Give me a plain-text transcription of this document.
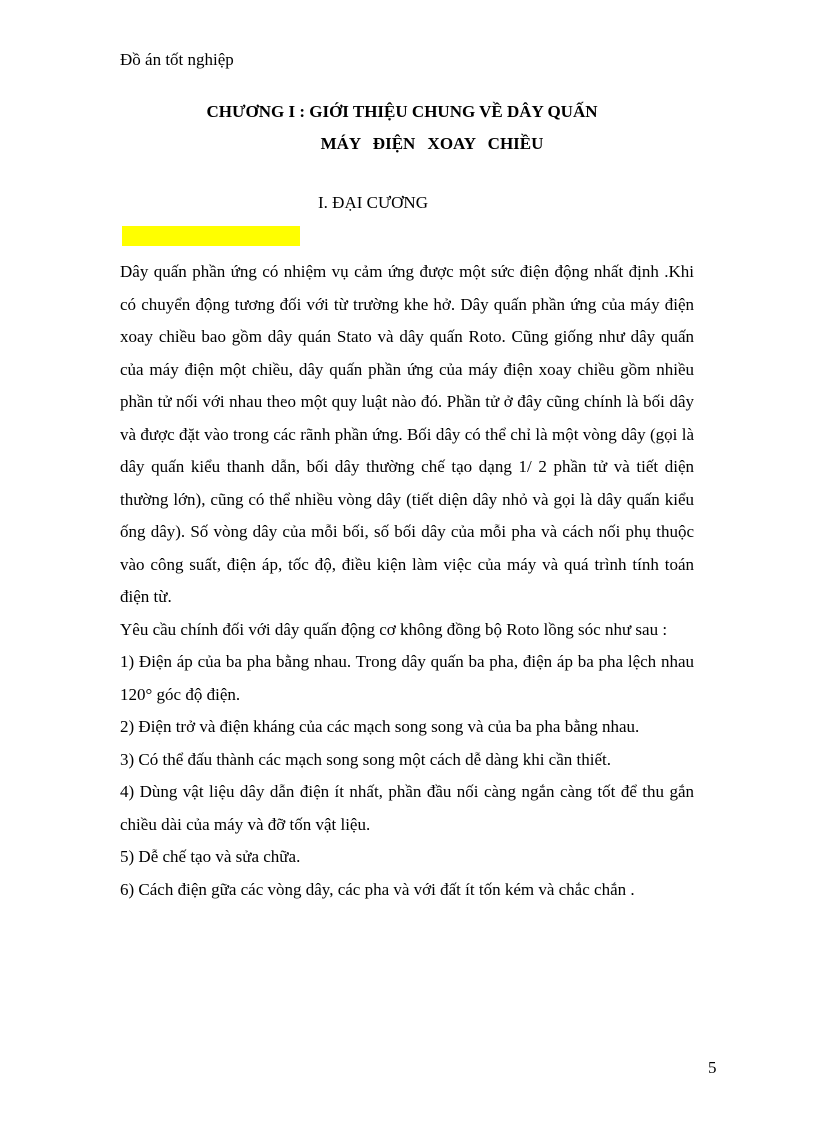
Đồ án tốt nghiệp
CHƯƠNG I : GIỚI THIỆU CHUNG VỀ DÂY QUẤN
MÁY ĐIỆN XOAY CHIỀU
I. ĐẠI CƯƠNG

Dây quấn phần ứng có nhiệm vụ cảm ứng được một sức điện động nhất định .Khi có chuyển động tương đối với từ trường khe hở. Dây quấn phần ứng của máy điện xoay chiều bao gồm dây quán Stato và dây quấn Roto. Cũng giống như dây quấn của máy điện một chiều, dây quấn phần ứng của máy điện xoay chiều gồm nhiều phần tử nối với nhau theo một quy luật nào đó. Phần tử ở đây cũng chính là bối dây và được đặt vào trong các rãnh phần ứng. Bối dây có thể chỉ là một vòng dây (gọi là dây quấn kiểu thanh dẫn, bối dây thường chế tạo dạng 1/ 2 phần tử và tiết diện thường lớn), cũng có thể nhiều vòng dây (tiết diện dây nhỏ và gọi là dây quấn kiểu ống dây). Số vòng dây của mỗi bối, số bối dây của mỗi pha và cách nối phụ thuộc vào công suất, điện áp, tốc độ, điều kiện làm việc của máy và quá trình tính toán điện từ.

Yêu cầu chính đối với dây quấn động cơ không đồng bộ Roto lồng sóc như sau :

1) Điện áp của ba pha bằng nhau. Trong dây quấn ba pha, điện áp ba pha lệch nhau 120° góc độ điện.

2) Điện trở và điện kháng của các mạch song song và của ba pha bằng nhau.

3) Có thể đấu thành các mạch song song một cách dễ dàng khi cần thiết.

4) Dùng vật liệu dây dẫn điện ít nhất, phần đầu nối càng ngắn càng tốt để thu gắn chiều dài của máy và đỡ tốn vật liệu.

5) Dễ chế tạo và sửa chữa.

6) Cách điện gữa các vòng dây, các pha và với đất ít tốn kém và chắc chắn .

5
